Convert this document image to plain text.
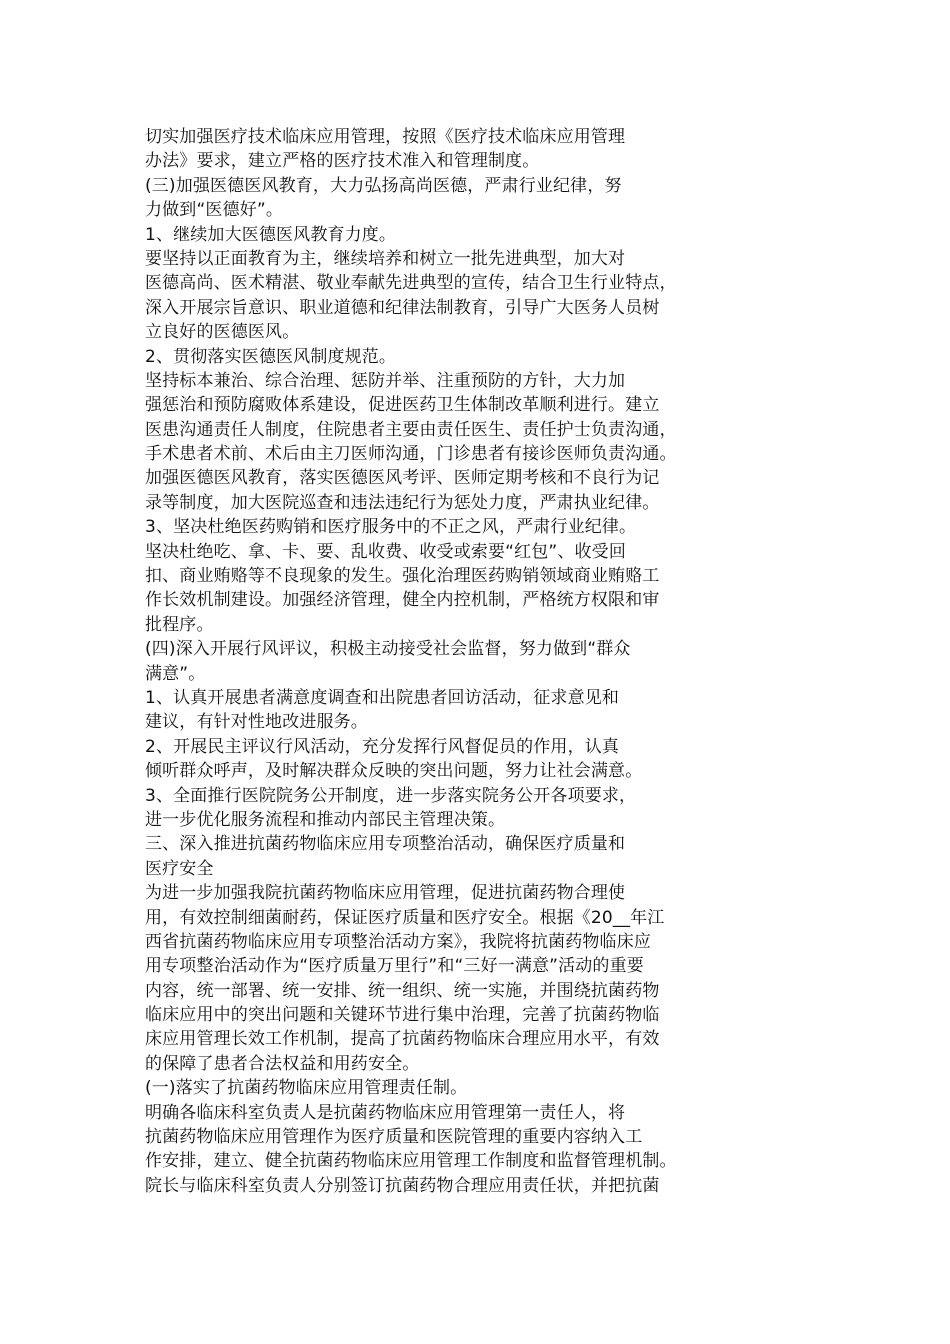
切实加强医疗技术临床应用管理，按照《医疗技术临床应用管理
办法》要求，建立严格的医疗技术准入和管理制度。
(三)加强医德医风教育，大力弘扬高尚医德，严肃行业纪律，努
力做到“医德好”。
1、继续加大医德医风教育力度。
要坚持以正面教育为主，继续培养和树立一批先进典型，加大对
医德高尚、医术精湛、敬业奉献先进典型的宣传，结合卫生行业特点，
深入开展宗旨意识、职业道德和纪律法制教育，引导广大医务人员树
立良好的医德医风。
2、贯彻落实医德医风制度规范。
坚持标本兼治、综合治理、惩防并举、注重预防的方针，大力加
强惩治和预防腐败体系建设，促进医药卫生体制改革顺利进行。建立
医患沟通责任人制度，住院患者主要由责任医生、责任护士负责沟通，
手术患者术前、术后由主刀医师沟通，门诊患者有接诊医师负责沟通。
加强医德医风教育，落实医德医风考评、医师定期考核和不良行为记
录等制度，加大医院巡查和违法违纪行为惩处力度，严肃执业纪律。
3、坚决杜绝医药购销和医疗服务中的不正之风，严肃行业纪律。
坚决杜绝吃、拿、卡、要、乱收费、收受或索要“红包”、收受回
扣、商业贿赂等不良现象的发生。强化治理医药购销领域商业贿赂工
作长效机制建设。加强经济管理，健全内控机制，严格统方权限和审
批程序。
(四)深入开展行风评议，积极主动接受社会监督，努力做到“群众
满意”。
1、认真开展患者满意度调查和出院患者回访活动，征求意见和
建议，有针对性地改进服务。
2、开展民主评议行风活动，充分发挥行风督促员的作用，认真
倾听群众呼声，及时解决群众反映的突出问题，努力让社会满意。
3、全面推行医院院务公开制度，进一步落实院务公开各项要求，
进一步优化服务流程和推动内部民主管理决策。
三、深入推进抗菌药物临床应用专项整治活动，确保医疗质量和
医疗安全
为进一步加强我院抗菌药物临床应用管理，促进抗菌药物合理使
用，有效控制细菌耐药，保证医疗质量和医疗安全。根据《20__年江
西省抗菌药物临床应用专项整治活动方案》，我院将抗菌药物临床应
用专项整治活动作为“医疗质量万里行”和“三好一满意”活动的重要
内容，统一部署、统一安排、统一组织、统一实施，并围绕抗菌药物
临床应用中的突出问题和关键环节进行集中治理，完善了抗菌药物临
床应用管理长效工作机制，提高了抗菌药物临床合理应用水平，有效
的保障了患者合法权益和用药安全。
(一)落实了抗菌药物临床应用管理责任制。
明确各临床科室负责人是抗菌药物临床应用管理第一责任人，将
抗菌药物临床应用管理作为医疗质量和医院管理的重要内容纳入工
作安排，建立、健全抗菌药物临床应用管理工作制度和监督管理机制。
院长与临床科室负责人分别签订抗菌药物合理应用责任状，并把抗菌
